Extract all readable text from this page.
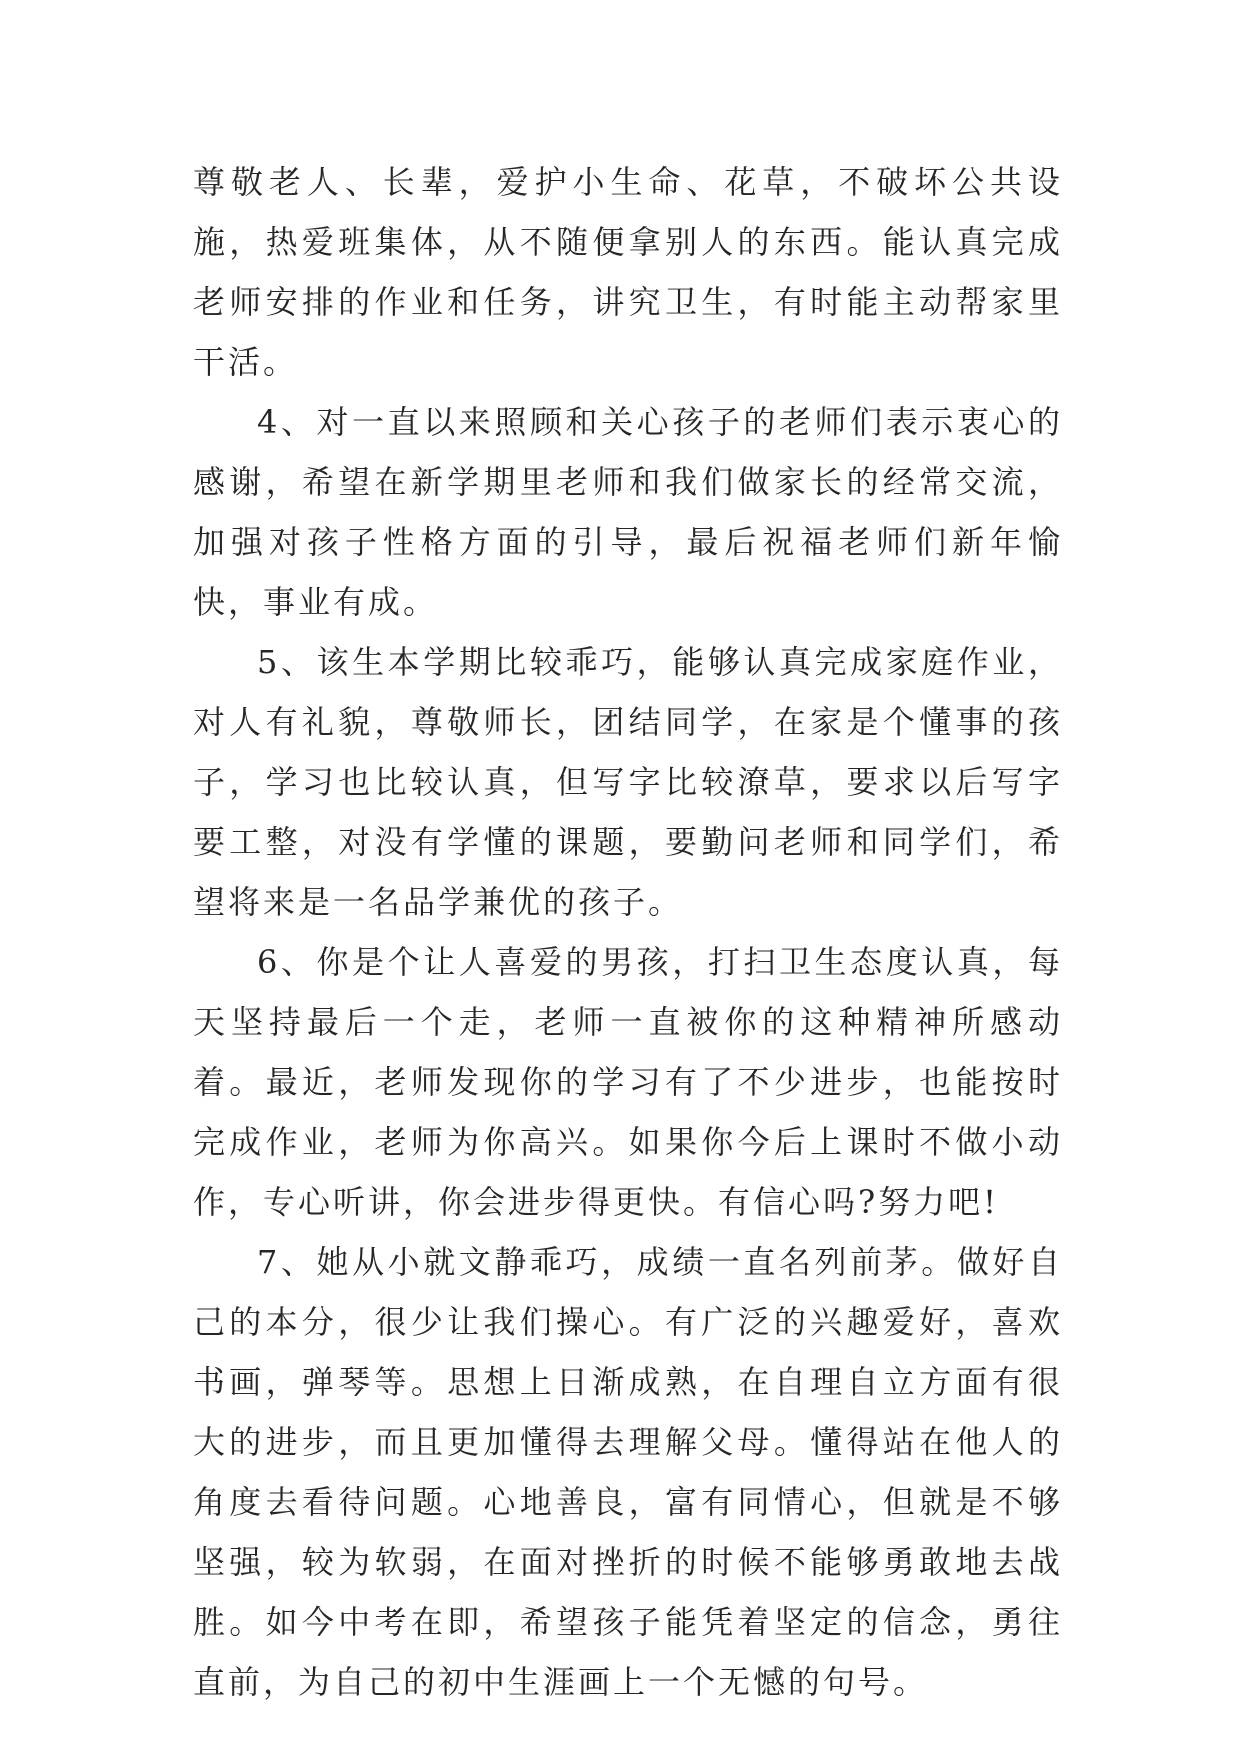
尊敬老人、长辈，爱护小生命、花草，不破坏公共设施，热爱班集体，从不随便拿别人的东西。能认真完成老师安排的作业和任务，讲究卫生，有时能主动帮家里干活。

4、对一直以来照顾和关心孩子的老师们表示衷心的感谢，希望在新学期里老师和我们做家长的经常交流，加强对孩子性格方面的引导，最后祝福老师们新年愉快，事业有成。

5、该生本学期比较乖巧，能够认真完成家庭作业，对人有礼貌，尊敬师长，团结同学，在家是个懂事的孩子，学习也比较认真，但写字比较潦草，要求以后写字要工整，对没有学懂的课题，要勤问老师和同学们，希望将来是一名品学兼优的孩子。

6、你是个让人喜爱的男孩，打扫卫生态度认真，每天坚持最后一个走，老师一直被你的这种精神所感动着。最近，老师发现你的学习有了不少进步，也能按时完成作业，老师为你高兴。如果你今后上课时不做小动作，专心听讲，你会进步得更快。有信心吗?努力吧!

7、她从小就文静乖巧，成绩一直名列前茅。做好自己的本分，很少让我们操心。有广泛的兴趣爱好，喜欢书画，弹琴等。思想上日渐成熟，在自理自立方面有很大的进步，而且更加懂得去理解父母。懂得站在他人的角度去看待问题。心地善良，富有同情心，但就是不够坚强，较为软弱，在面对挫折的时候不能够勇敢地去战胜。如今中考在即，希望孩子能凭着坚定的信念，勇往直前，为自己的初中生涯画上一个无憾的句号。
